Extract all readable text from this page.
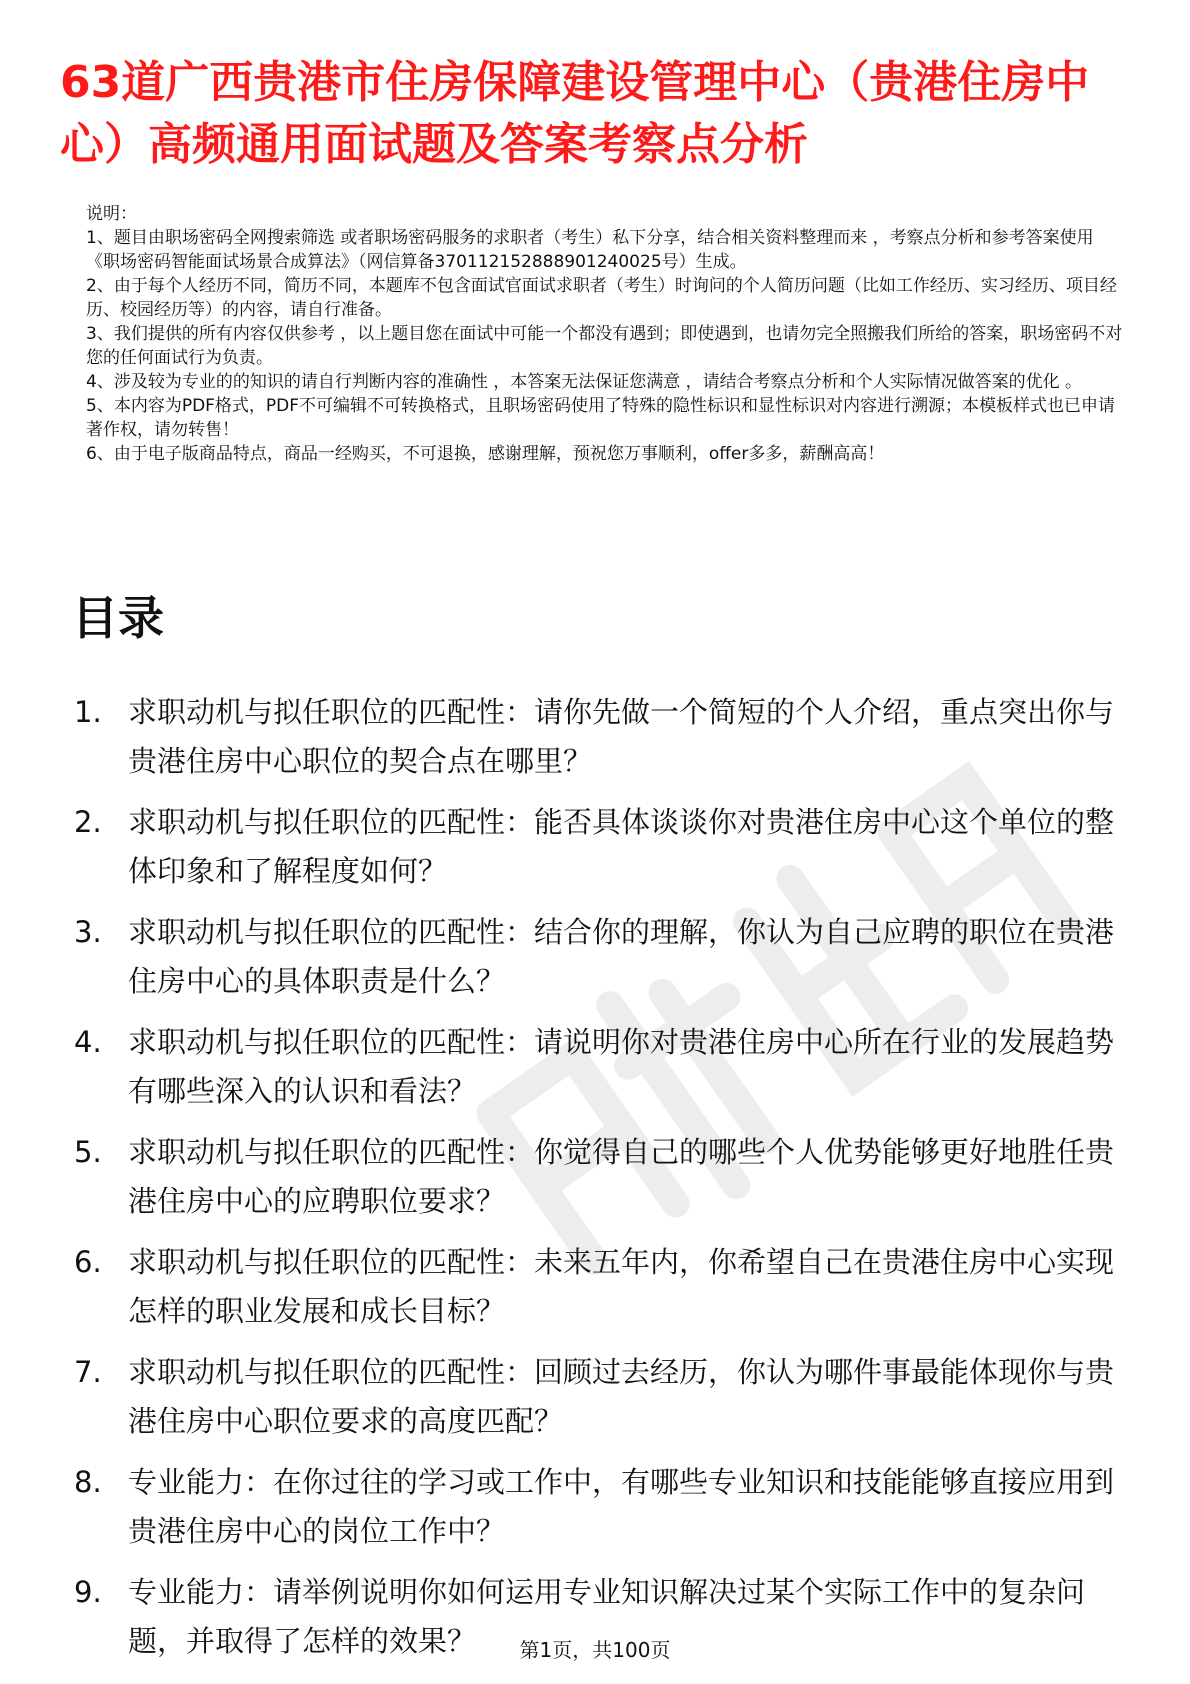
63道广西贵港市住房保障建设管理中心（贵港住房中心）高频通用面试题及答案考察点分析

说明：

1、题目由职场密码全网搜索筛选 或者职场密码服务的求职者（考生）私下分享，结合相关资料整理而来 ，考察点分析和参考答案使用《职场密码智能面试场景合成算法》（网信算备370112152888901240025号）生成。

2、由于每个人经历不同，简历不同，本题库不包含面试官面试求职者（考生）时询问的个人简历问题（比如工作经历、实习经历、项目经历、校园经历等）的内容，请自行准备。

3、我们提供的所有内容仅供参考 ，以上题目您在面试中可能一个都没有遇到；即使遇到，也请勿完全照搬我们所给的答案，职场密码不对您的任何面试行为负责。

4、涉及较为专业的的知识的请自行判断内容的准确性 ，本答案无法保证您满意 ，请结合考察点分析和个人实际情况做答案的优化 。

5、本内容为PDF格式，PDF不可编辑不可转换格式，且职场密码使用了特殊的隐性标识和显性标识对内容进行溯源；本模板样式也已申请著作权，请勿转售！

6、由于电子版商品特点，商品一经购买，不可退换，感谢理解，预祝您万事顺利，offer多多，薪酬高高！

目录
1. 求职动机与拟任职位的匹配性：请你先做一个简短的个人介绍，重点突出你与贵港住房中心职位的契合点在哪里？
2. 求职动机与拟任职位的匹配性：能否具体谈谈你对贵港住房中心这个单位的整体印象和了解程度如何？
3. 求职动机与拟任职位的匹配性：结合你的理解，你认为自己应聘的职位在贵港住房中心的具体职责是什么？
4. 求职动机与拟任职位的匹配性：请说明你对贵港住房中心所在行业的发展趋势有哪些深入的认识和看法？
5. 求职动机与拟任职位的匹配性：你觉得自己的哪些个人优势能够更好地胜任贵港住房中心的应聘职位要求？
6. 求职动机与拟任职位的匹配性：未来五年内，你希望自己在贵港住房中心实现怎样的职业发展和成长目标？
7. 求职动机与拟任职位的匹配性：回顾过去经历，你认为哪件事最能体现你与贵港住房中心职位要求的高度匹配？
8. 专业能力：在你过往的学习或工作中，有哪些专业知识和技能能够直接应用到贵港住房中心的岗位工作中？
9. 专业能力：请举例说明你如何运用专业知识解决过某个实际工作中的复杂问题，并取得了怎样的效果？	第1页，共100页
